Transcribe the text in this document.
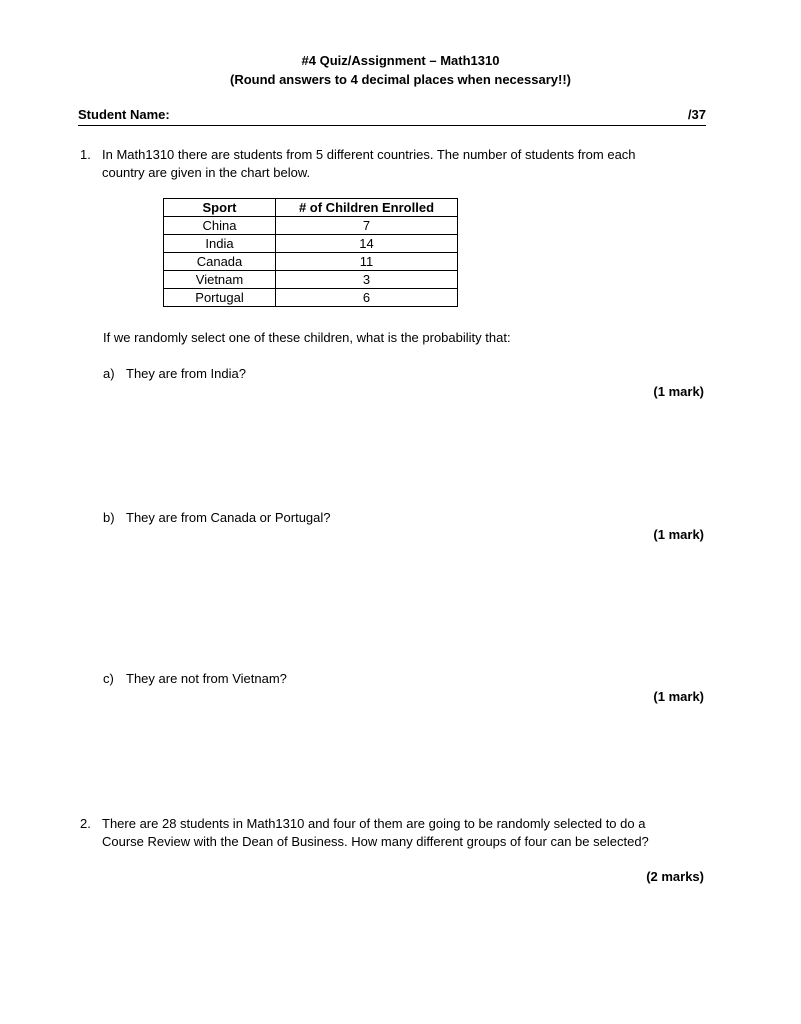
#4 Quiz/Assignment – Math1310
(Round answers to 4 decimal places when necessary!!)
Student Name:	/37
1. In Math1310 there are students from 5 different countries. The number of students from each country are given in the chart below.
Sport	# of Children Enrolled
China	7
India	14
Canada	11
Vietnam	3
Portugal	6
If we randomly select one of these children, what is the probability that:
a) They are from India?
(1 mark)
b) They are from Canada or Portugal?
(1 mark)
c) They are not from Vietnam?
(1 mark)
2. There are 28 students in Math1310 and four of them are going to be randomly selected to do a Course Review with the Dean of Business. How many different groups of four can be selected?
(2 marks)
